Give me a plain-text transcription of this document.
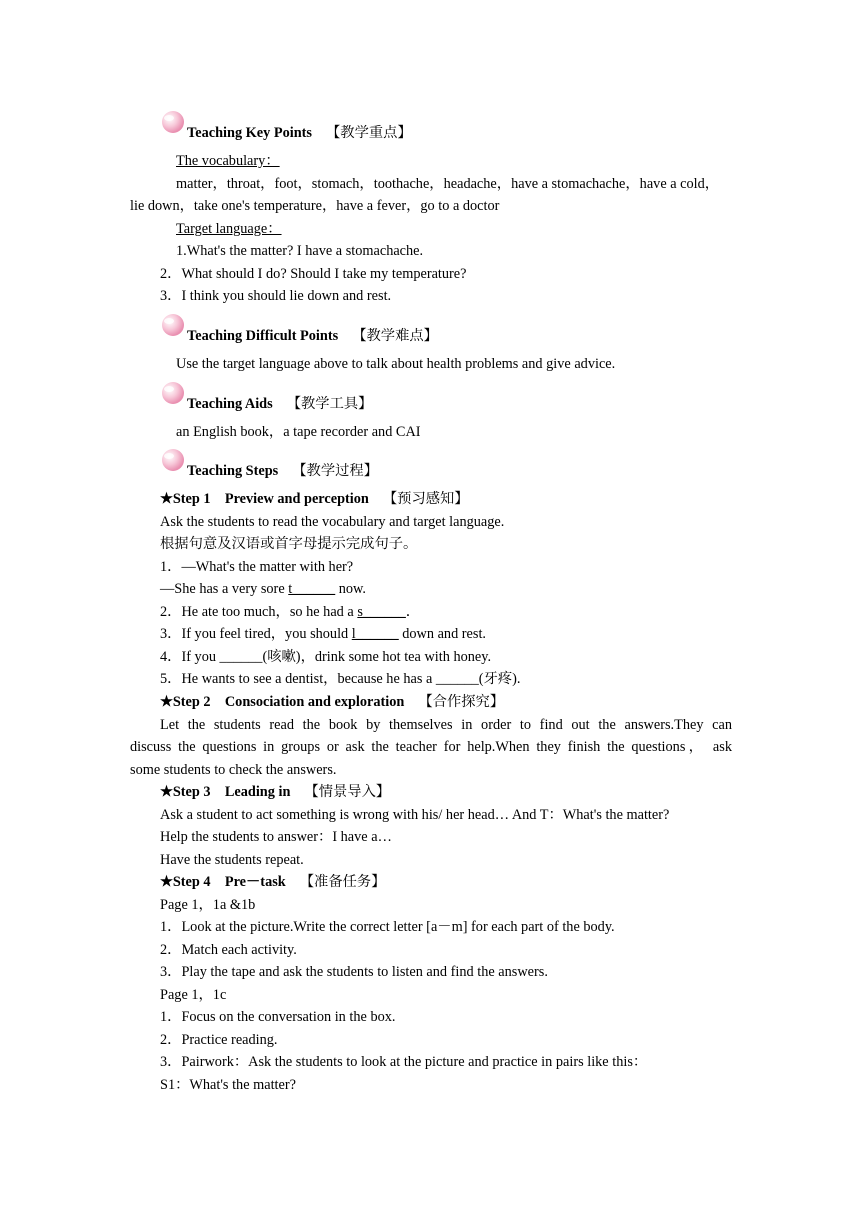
Teaching Key Points 【教学重点】
The vocabulary：
matter，throat，foot，stomach，toothache，headache，have a stomachache，have a cold，
lie down，take one's temperature，have a fever，go to a doctor
Target language：
1.What's the matter? I have a stomachache.
2．What should I do? Should I take my temperature?
3．I think you should lie down and rest.
Teaching Difficult Points 【教学难点】
Use the target language above to talk about health problems and give advice.
Teaching Aids 【教学工具】
an English book，a tape recorder and CAI
Teaching Steps 【教学过程】
★Step 1　Preview and perception 【预习感知】
Ask the students to read the vocabulary and target language.
根据句意及汉语或首字母提示完成句子。
1．—What's the matter with her?
—She has a very sore t______ now.
2．He ate too much，so he had a s______．
3．If you feel tired，you should l______ down and rest.
4．If you ______(咳嗽)，drink some hot tea with honey.
5．He wants to see a dentist，because he has a ______(牙疼).
★Step 2　Consociation and exploration 【合作探究】
Let the students read the book by themselves in order to find out the answers.They can
discuss the questions in groups or ask the teacher for help.When they finish the questions， ask
some students to check the answers.
★Step 3　Leading in 【情景导入】
Ask a student to act something is wrong with his/ her head… And T：What's the matter?
Help the students to answer：I have a…
Have the students repeat.
★Step 4　Pre－task 【准备任务】
Page 1，1a &1b
1．Look at the picture.Write the correct letter [a－m] for each part of the body.
2．Match each activity.
3．Play the tape and ask the students to listen and find the answers.
Page 1，1c
1．Focus on the conversation in the box.
2．Practice reading.
3．Pairwork：Ask the students to look at the picture and practice in pairs like this：
S1：What's the matter?
